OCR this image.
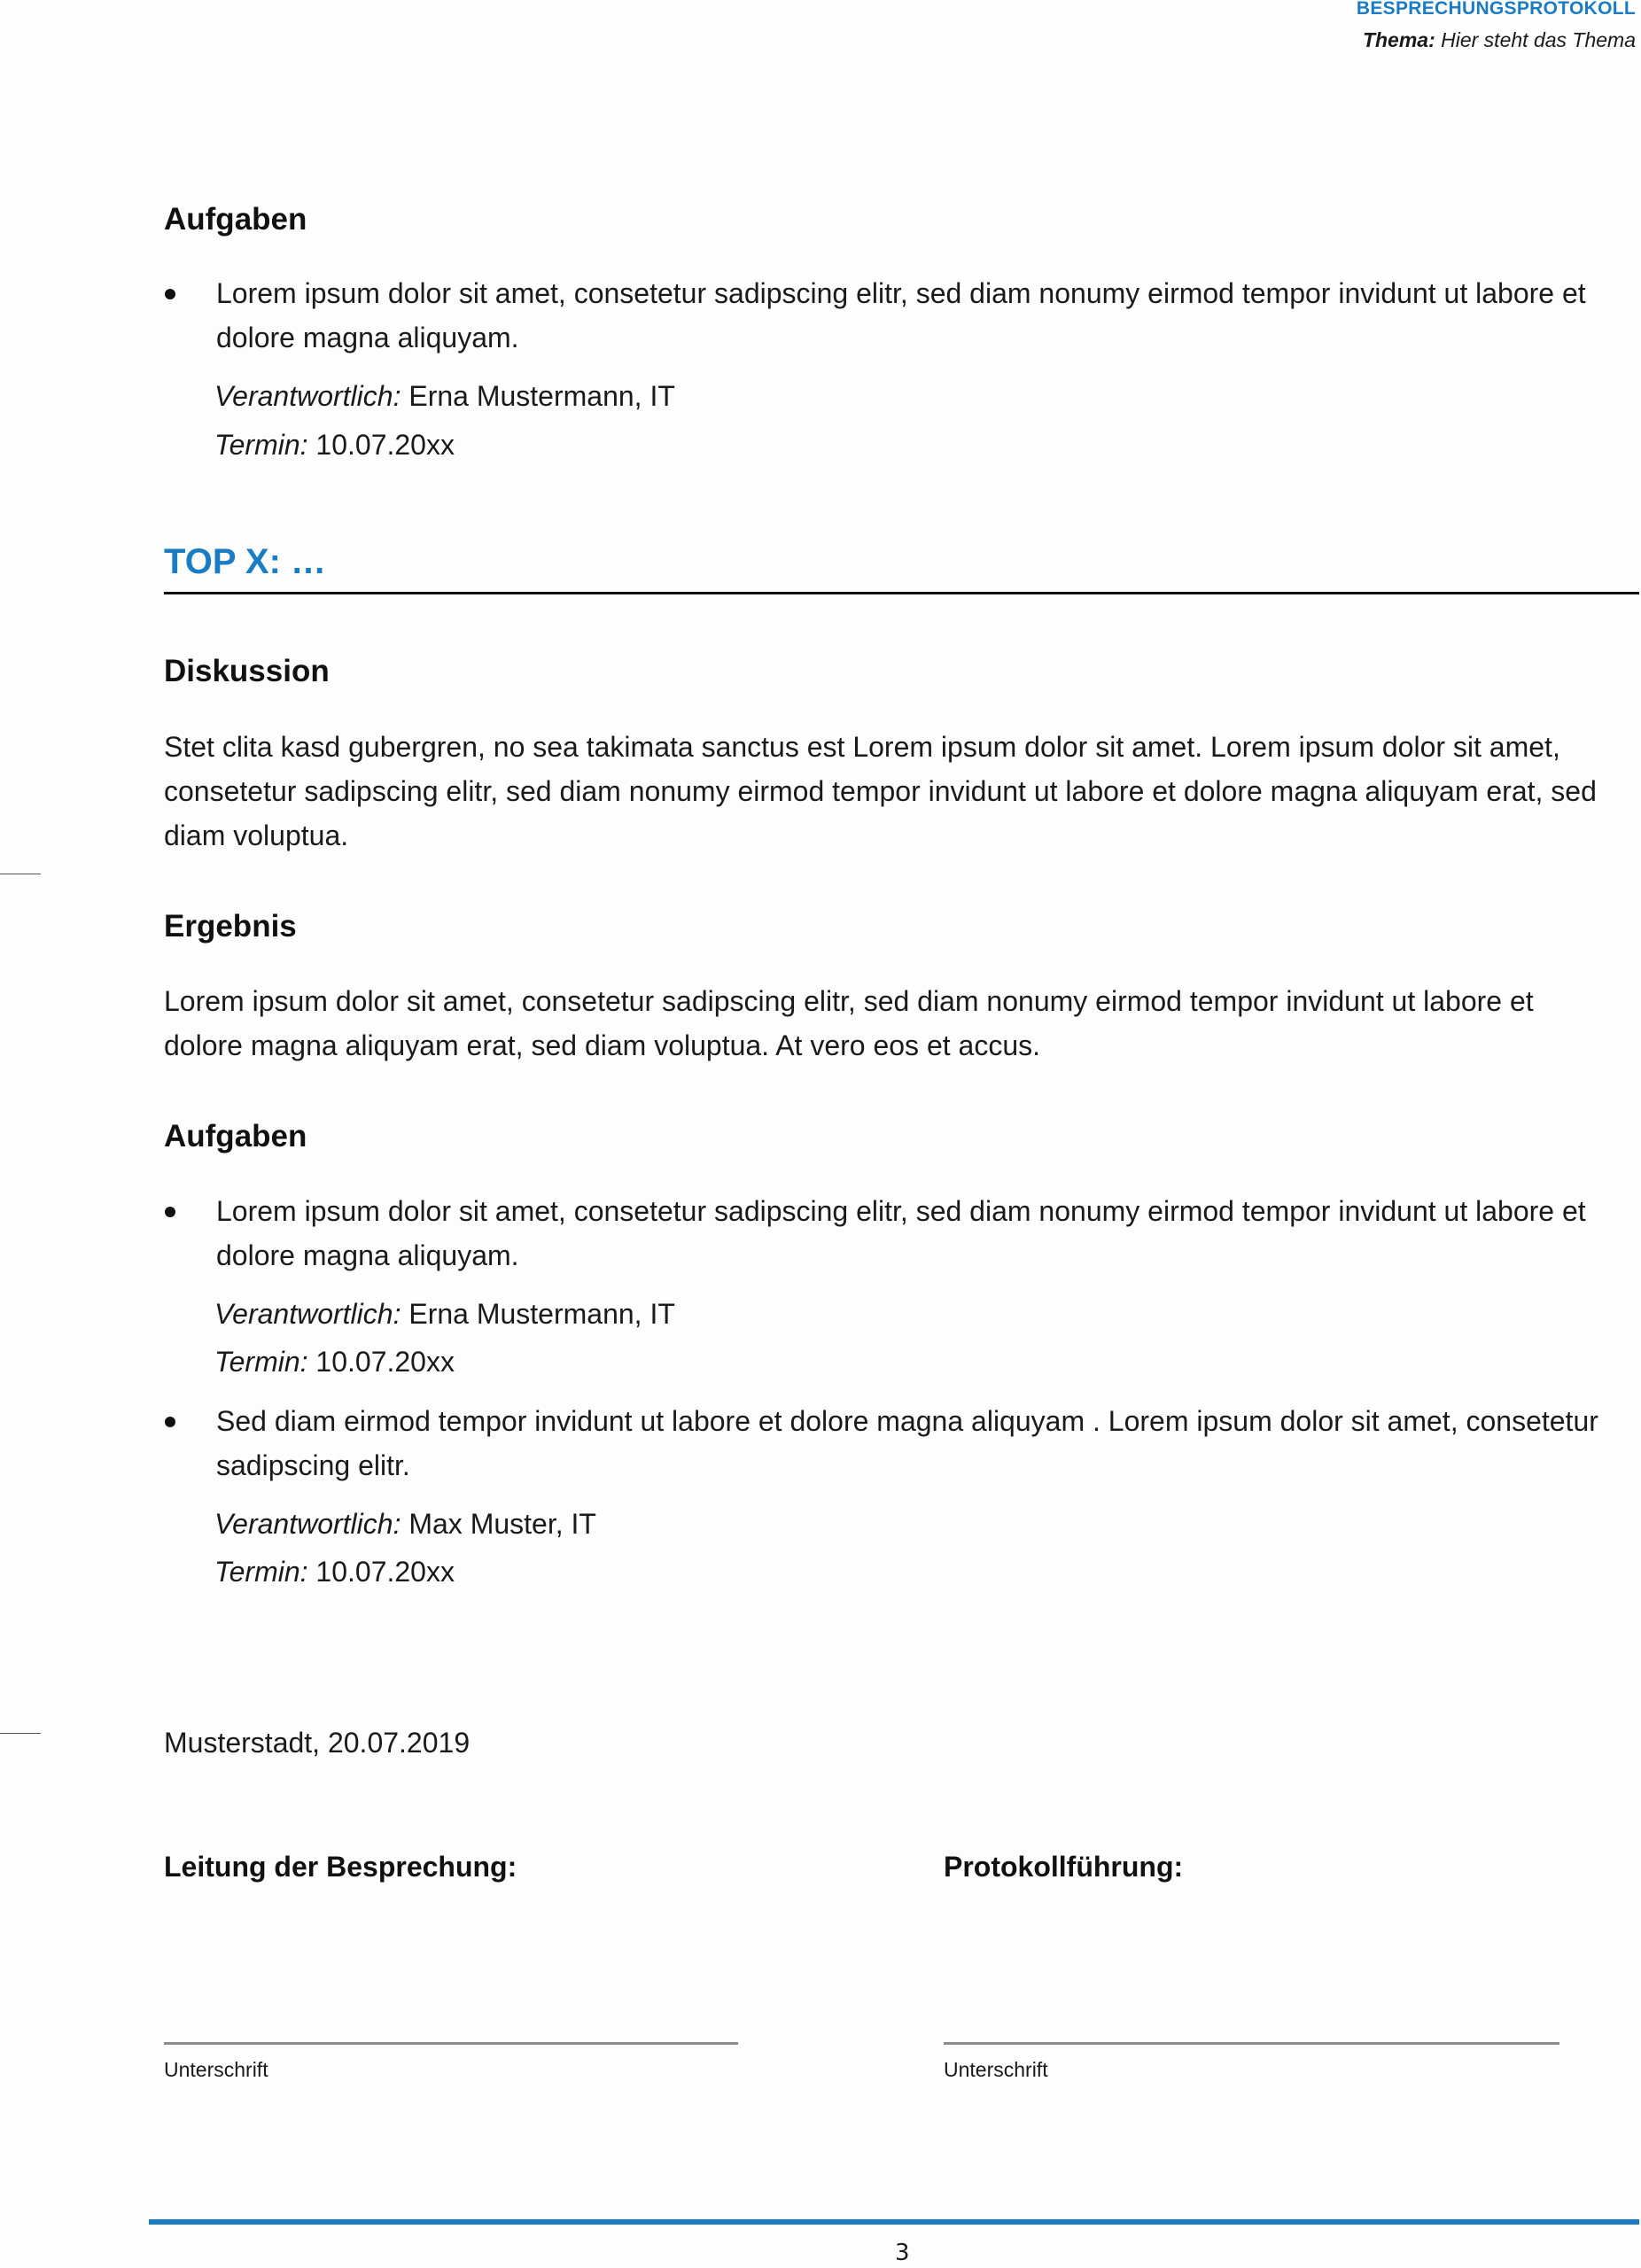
BESPRECHUNGSPROTOKOLL
Thema: Hier steht das Thema
Aufgaben

Lorem ipsum dolor sit amet, consetetur sadipscing elitr, sed diam nonumy eirmod tempor invidunt ut labore et dolore magna aliquyam.

Verantwortlich: Erna Mustermann, IT
Termin: 10.07.20xx
TOP X: …
Diskussion

Stet clita kasd gubergren, no sea takimata sanctus est Lorem ipsum dolor sit amet. Lorem ipsum dolor sit amet, consetetur sadipscing elitr, sed diam nonumy eirmod tempor invidunt ut labore et dolore magna aliquyam erat, sed diam voluptua.

Ergebnis

Lorem ipsum dolor sit amet, consetetur sadipscing elitr, sed diam nonumy eirmod tempor invidunt ut labore et dolore magna aliquyam erat, sed diam voluptua. At vero eos et accus.

Aufgaben

Lorem ipsum dolor sit amet, consetetur sadipscing elitr, sed diam nonumy eirmod tempor invidunt ut labore et dolore magna aliquyam.

Verantwortlich: Erna Mustermann, IT
Termin: 10.07.20xx

Sed diam eirmod tempor invidunt ut labore et dolore magna aliquyam . Lorem ipsum dolor sit amet, consetetur sadipscing elitr.

Verantwortlich: Max Muster, IT
Termin: 10.07.20xx
Musterstadt, 20.07.2019
Leitung der Besprechung:	Protokollführung:
Unterschrift	Unterschrift
3
